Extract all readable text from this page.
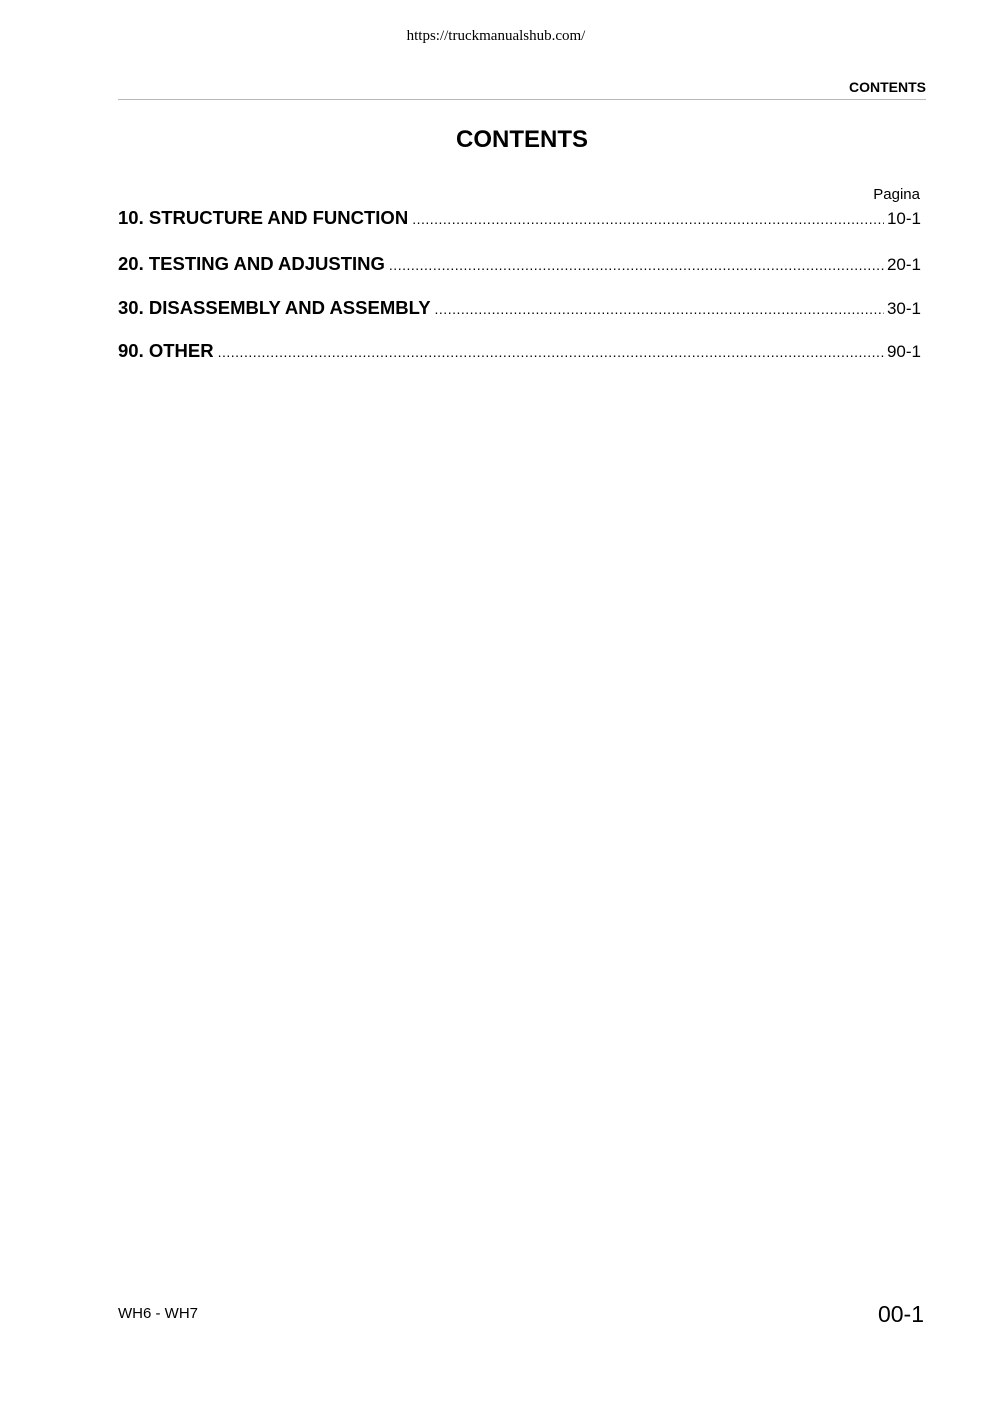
https://truckmanualshub.com/
CONTENTS
CONTENTS
Pagina
10. STRUCTURE AND FUNCTION .....	10-1
20. TESTING AND ADJUSTING .....	20-1
30. DISASSEMBLY AND ASSEMBLY .....	30-1
90. OTHER .....	90-1
WH6 - WH7	00-1
